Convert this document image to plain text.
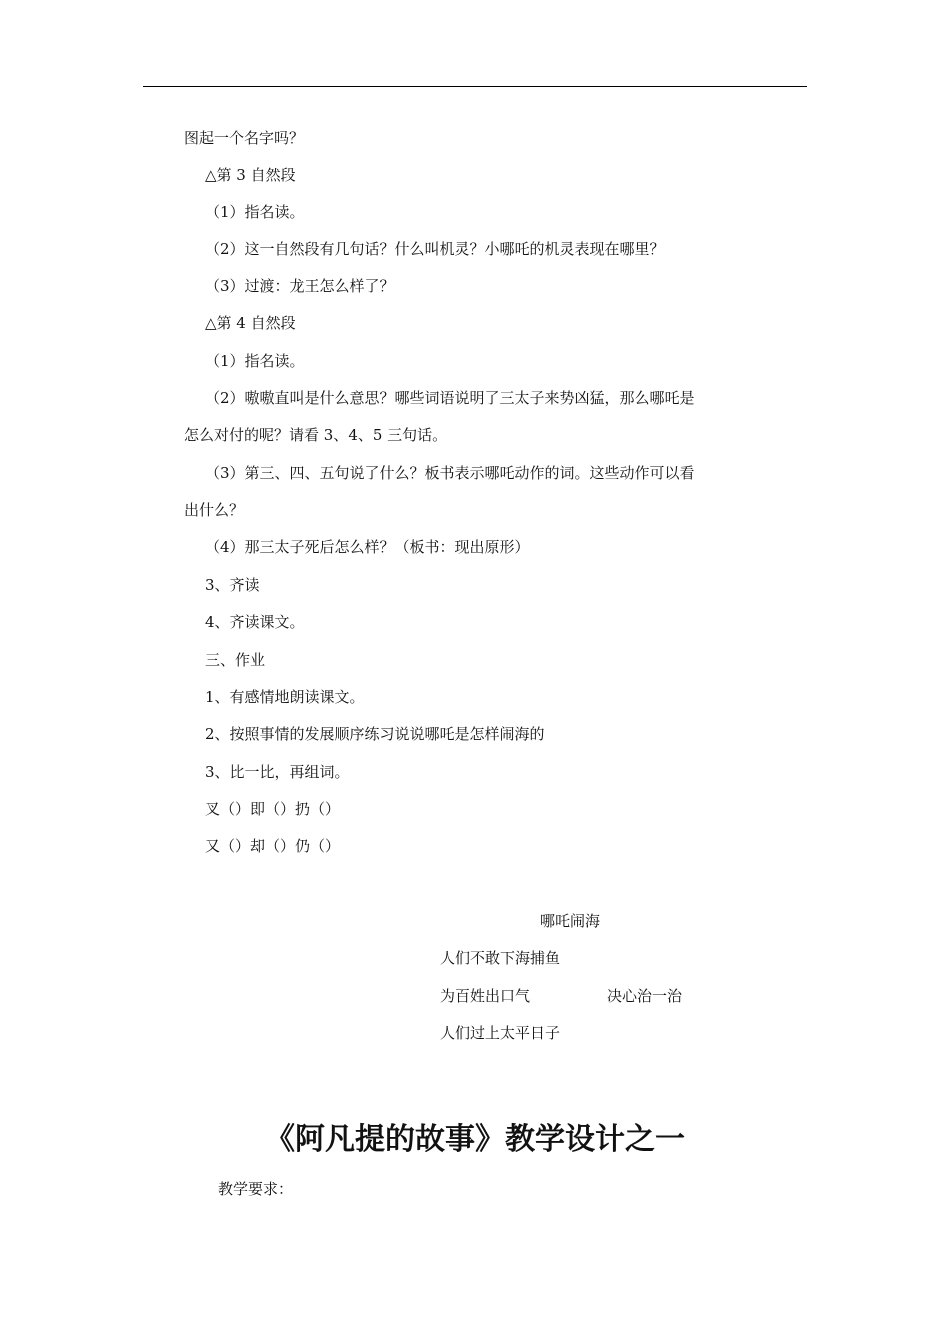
图起一个名字吗？
△第 3 自然段
（1）指名读。
（2）这一自然段有几句话？什么叫机灵？小哪吒的机灵表现在哪里？
（3）过渡：龙王怎么样了？
△第 4 自然段
（1）指名读。
（2）嗷嗷直叫是什么意思？哪些词语说明了三太子来势凶猛，那么哪吒是
怎么对付的呢？请看 3、4、5 三句话。
（3）第三、四、五句说了什么？板书表示哪吒动作的词。这些动作可以看
出什么？
（4）那三太子死后怎么样？（板书：现出原形）
3、齐读
4、齐读课文。
三、作业
1、有感情地朗读课文。
2、按照事情的发展顺序练习说说哪吒是怎样闹海的
3、比一比，再组词。
叉（）即（）扔（）
又（）却（）仍（）
哪吒闹海
人们不敢下海捕鱼
为百姓出口气	决心治一治
人们过上太平日子
《阿凡提的故事》教学设计之一
教学要求：
